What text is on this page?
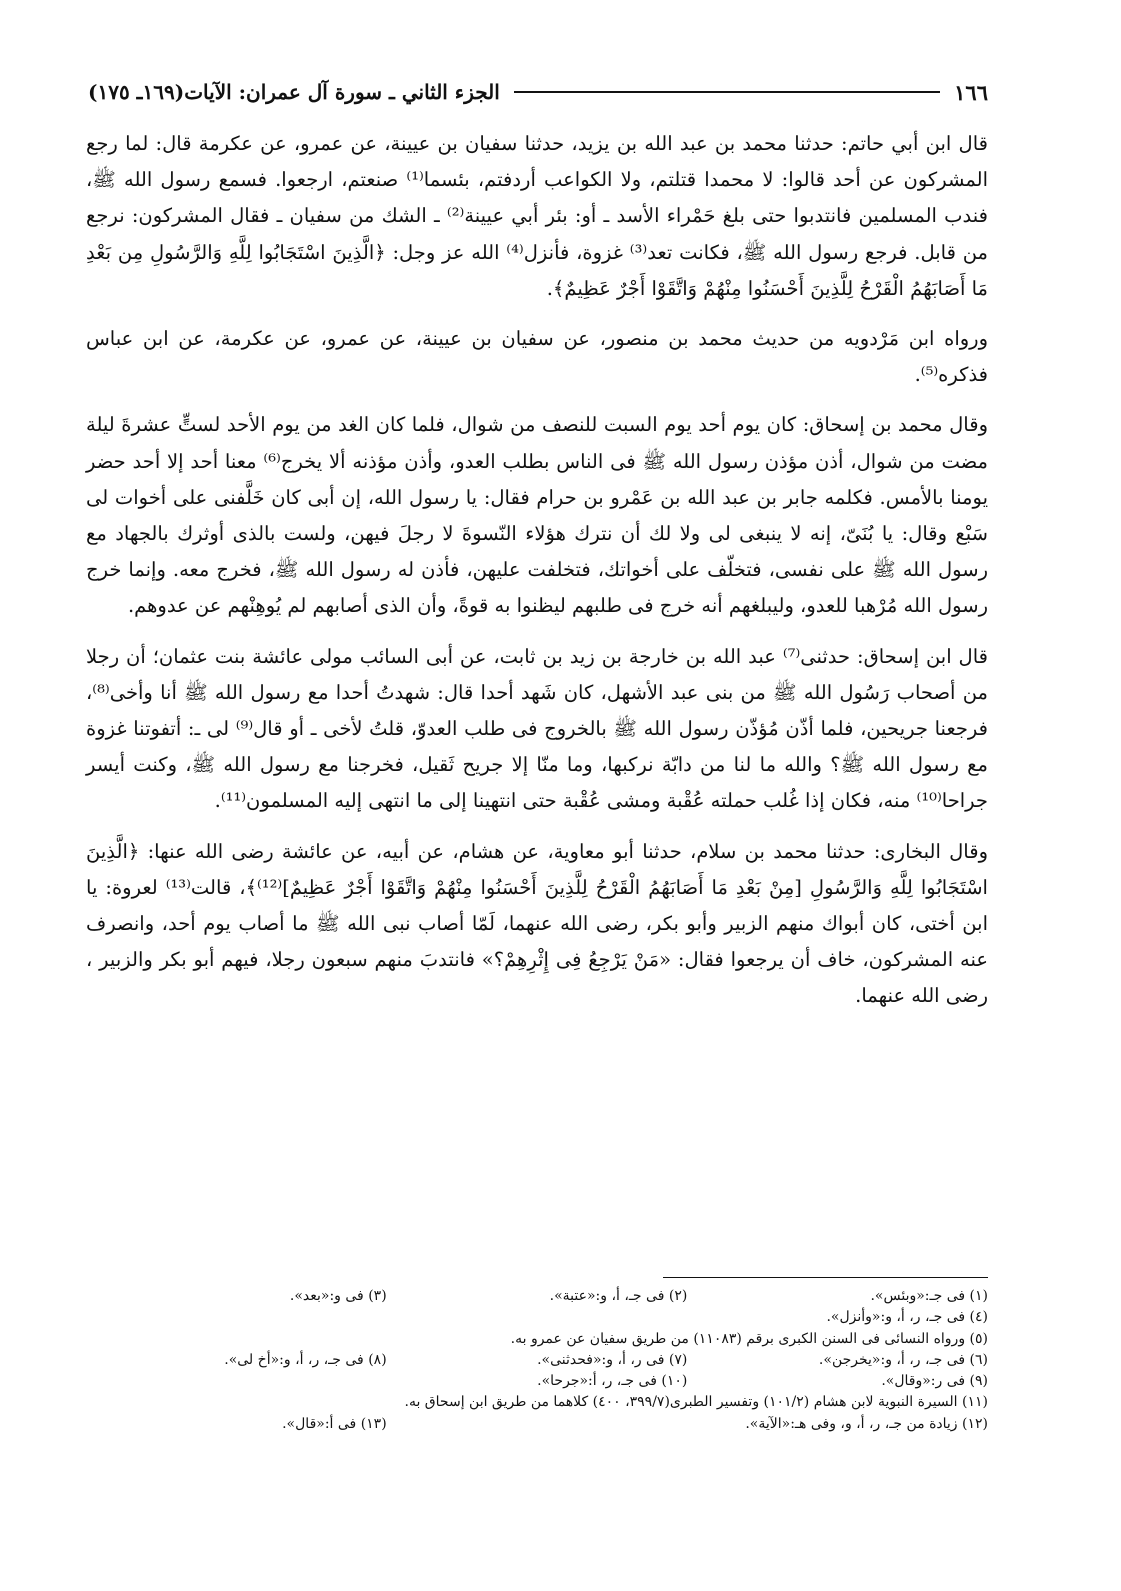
١٦٦
الجزء الثاني ـ سورة آل عمران: الآيات(١٦٩ـ ١٧٥)

قال ابن أبي حاتم: حدثنا محمد بن عبد الله بن يزيد، حدثنا سفيان بن عيينة، عن عمرو، عن عكرمة قال: لما رجع المشركون عن أحد قالوا: لا محمدا قتلتم، ولا الكواعب أردفتم، بئسما⁽¹⁾ صنعتم، ارجعوا. فسمع رسول الله ﷺ، فندب المسلمين فانتدبوا حتى بلغ حَمْراء الأسد ـ أو: بئر أبي عيينة⁽²⁾ ـ الشك من سفيان ـ فقال المشركون: نرجع من قابل. فرجع رسول الله ﷺ، فكانت تعد⁽³⁾ غزوة، فأنزل⁽⁴⁾ الله عز وجل: ﴿الَّذِينَ اسْتَجَابُوا لِلَّهِ وَالرَّسُولِ مِن بَعْدِ مَا أَصَابَهُمُ الْقَرْحُ لِلَّذِينَ أَحْسَنُوا مِنْهُمْ وَاتَّقَوْا أَجْرٌ عَظِيمٌ﴾.

ورواه ابن مَرْدويه من حديث محمد بن منصور، عن سفيان بن عيينة، عن عمرو، عن عكرمة، عن ابن عباس فذكره⁽⁵⁾.

وقال محمد بن إسحاق: كان يوم أحد يوم السبت للنصف من شوال، فلما كان الغد من يوم الأحد لستٍّ عشرةَ ليلة مضت من شوال، أذن مؤذن رسول الله ﷺ فى الناس بطلب العدو، وأذن مؤذنه ألا يخرج⁽⁶⁾ معنا أحد إلا أحد حضر يومنا بالأمس. فكلمه جابر بن عبد الله بن عَمْرو بن حرام فقال: يا رسول الله، إن أبى كان خَلَّفنى على أخوات لى سَبْع وقال: يا بُنَىّ، إنه لا ينبغى لى ولا لك أن نترك هؤلاء النّسوةَ لا رجلَ فيهن، ولست بالذى أوثرك بالجهاد مع رسول الله ﷺ على نفسى، فتخلّف على أخواتك، فتخلفت عليهن، فأذن له رسول الله ﷺ، فخرج معه. وإنما خرج رسول الله مُرْهبا للعدو، وليبلغهم أنه خرج فى طلبهم ليظنوا به قوةً، وأن الذى أصابهم لم يُوهِنْهم عن عدوهم.

قال ابن إسحاق: حدثنى⁽⁷⁾ عبد الله بن خارجة بن زيد بن ثابت، عن أبى السائب مولى عائشة بنت عثمان؛ أن رجلا من أصحاب رَسُول الله ﷺ من بنى عبد الأشهل، كان شَهد أحدا قال: شهدتُ أحدا مع رسول الله ﷺ أنا وأخى⁽⁸⁾، فرجعنا جريحين، فلما أذّن مُؤذّن رسول الله ﷺ بالخروج فى طلب العدوّ، قلتُ لأخى ـ أو قال⁽⁹⁾ لى ـ: أتفوتنا غزوة مع رسول الله ﷺ؟ والله ما لنا من دابّة نركبها، وما منّا إلا جريح ثَقيل، فخرجنا مع رسول الله ﷺ، وكنت أيسر جراحا⁽¹⁰⁾ منه، فكان إذا غُلب حملته عُقْبة ومشى عُقْبة حتى انتهينا إلى ما انتهى إليه المسلمون⁽¹¹⁾.

وقال البخارى: حدثنا محمد بن سلام، حدثنا أبو معاوية، عن هشام، عن أبيه، عن عائشة رضى الله عنها: ﴿الَّذِينَ اسْتَجَابُوا لِلَّهِ وَالرَّسُولِ [مِنْ بَعْدِ مَا أَصَابَهُمُ الْقَرْحُ لِلَّذِينَ أَحْسَنُوا مِنْهُمْ وَاتَّقَوْا أَجْرٌ عَظِيمٌ]⁽¹²⁾﴾، قالت⁽¹³⁾ لعروة: يا ابن أختى، كان أبواك منهم الزبير وأبو بكر، رضى الله عنهما، لَمّا أصاب نبى الله ﷺ ما أصاب يوم أحد، وانصرف عنه المشركون، خاف أن يرجعوا فقال: «مَنْ يَرْجِعُ فِى إِثْرِهِمْ؟» فانتدبَ منهم سبعون رجلا، فيهم أبو بكر والزبير ، رضى الله عنهما.

(١) فى جـ:«وبئس».
(٢) فى جـ، أ، و:«عتبة».
(٣) فى و:«بعد».
(٤) فى جـ، ر، أ، و:«وأنزل».
(٥) ورواه النسائى فى السنن الكبرى برقم (١١٠٨٣) من طريق سفيان عن عمرو به.
(٦) فى جـ، ر، أ، و:«يخرجن».
(٧) فى ر، أ، و:«فحدثنى».
(٨) فى جـ، ر، أ، و:«أخ لى».
(٩) فى ر:«وقال».
(١٠) فى جـ، ر، أ:«جرحا».
(١١) السيرة النبوية لابن هشام (١٠١/٢) وتفسير الطبرى(٣٩٩/٧، ٤٠٠) كلاهما من طريق ابن إسحاق به.
(١٢) زيادة من جـ، ر، أ، و، وفى هـ:«الآية».
(١٣) فى أ:«قال».
